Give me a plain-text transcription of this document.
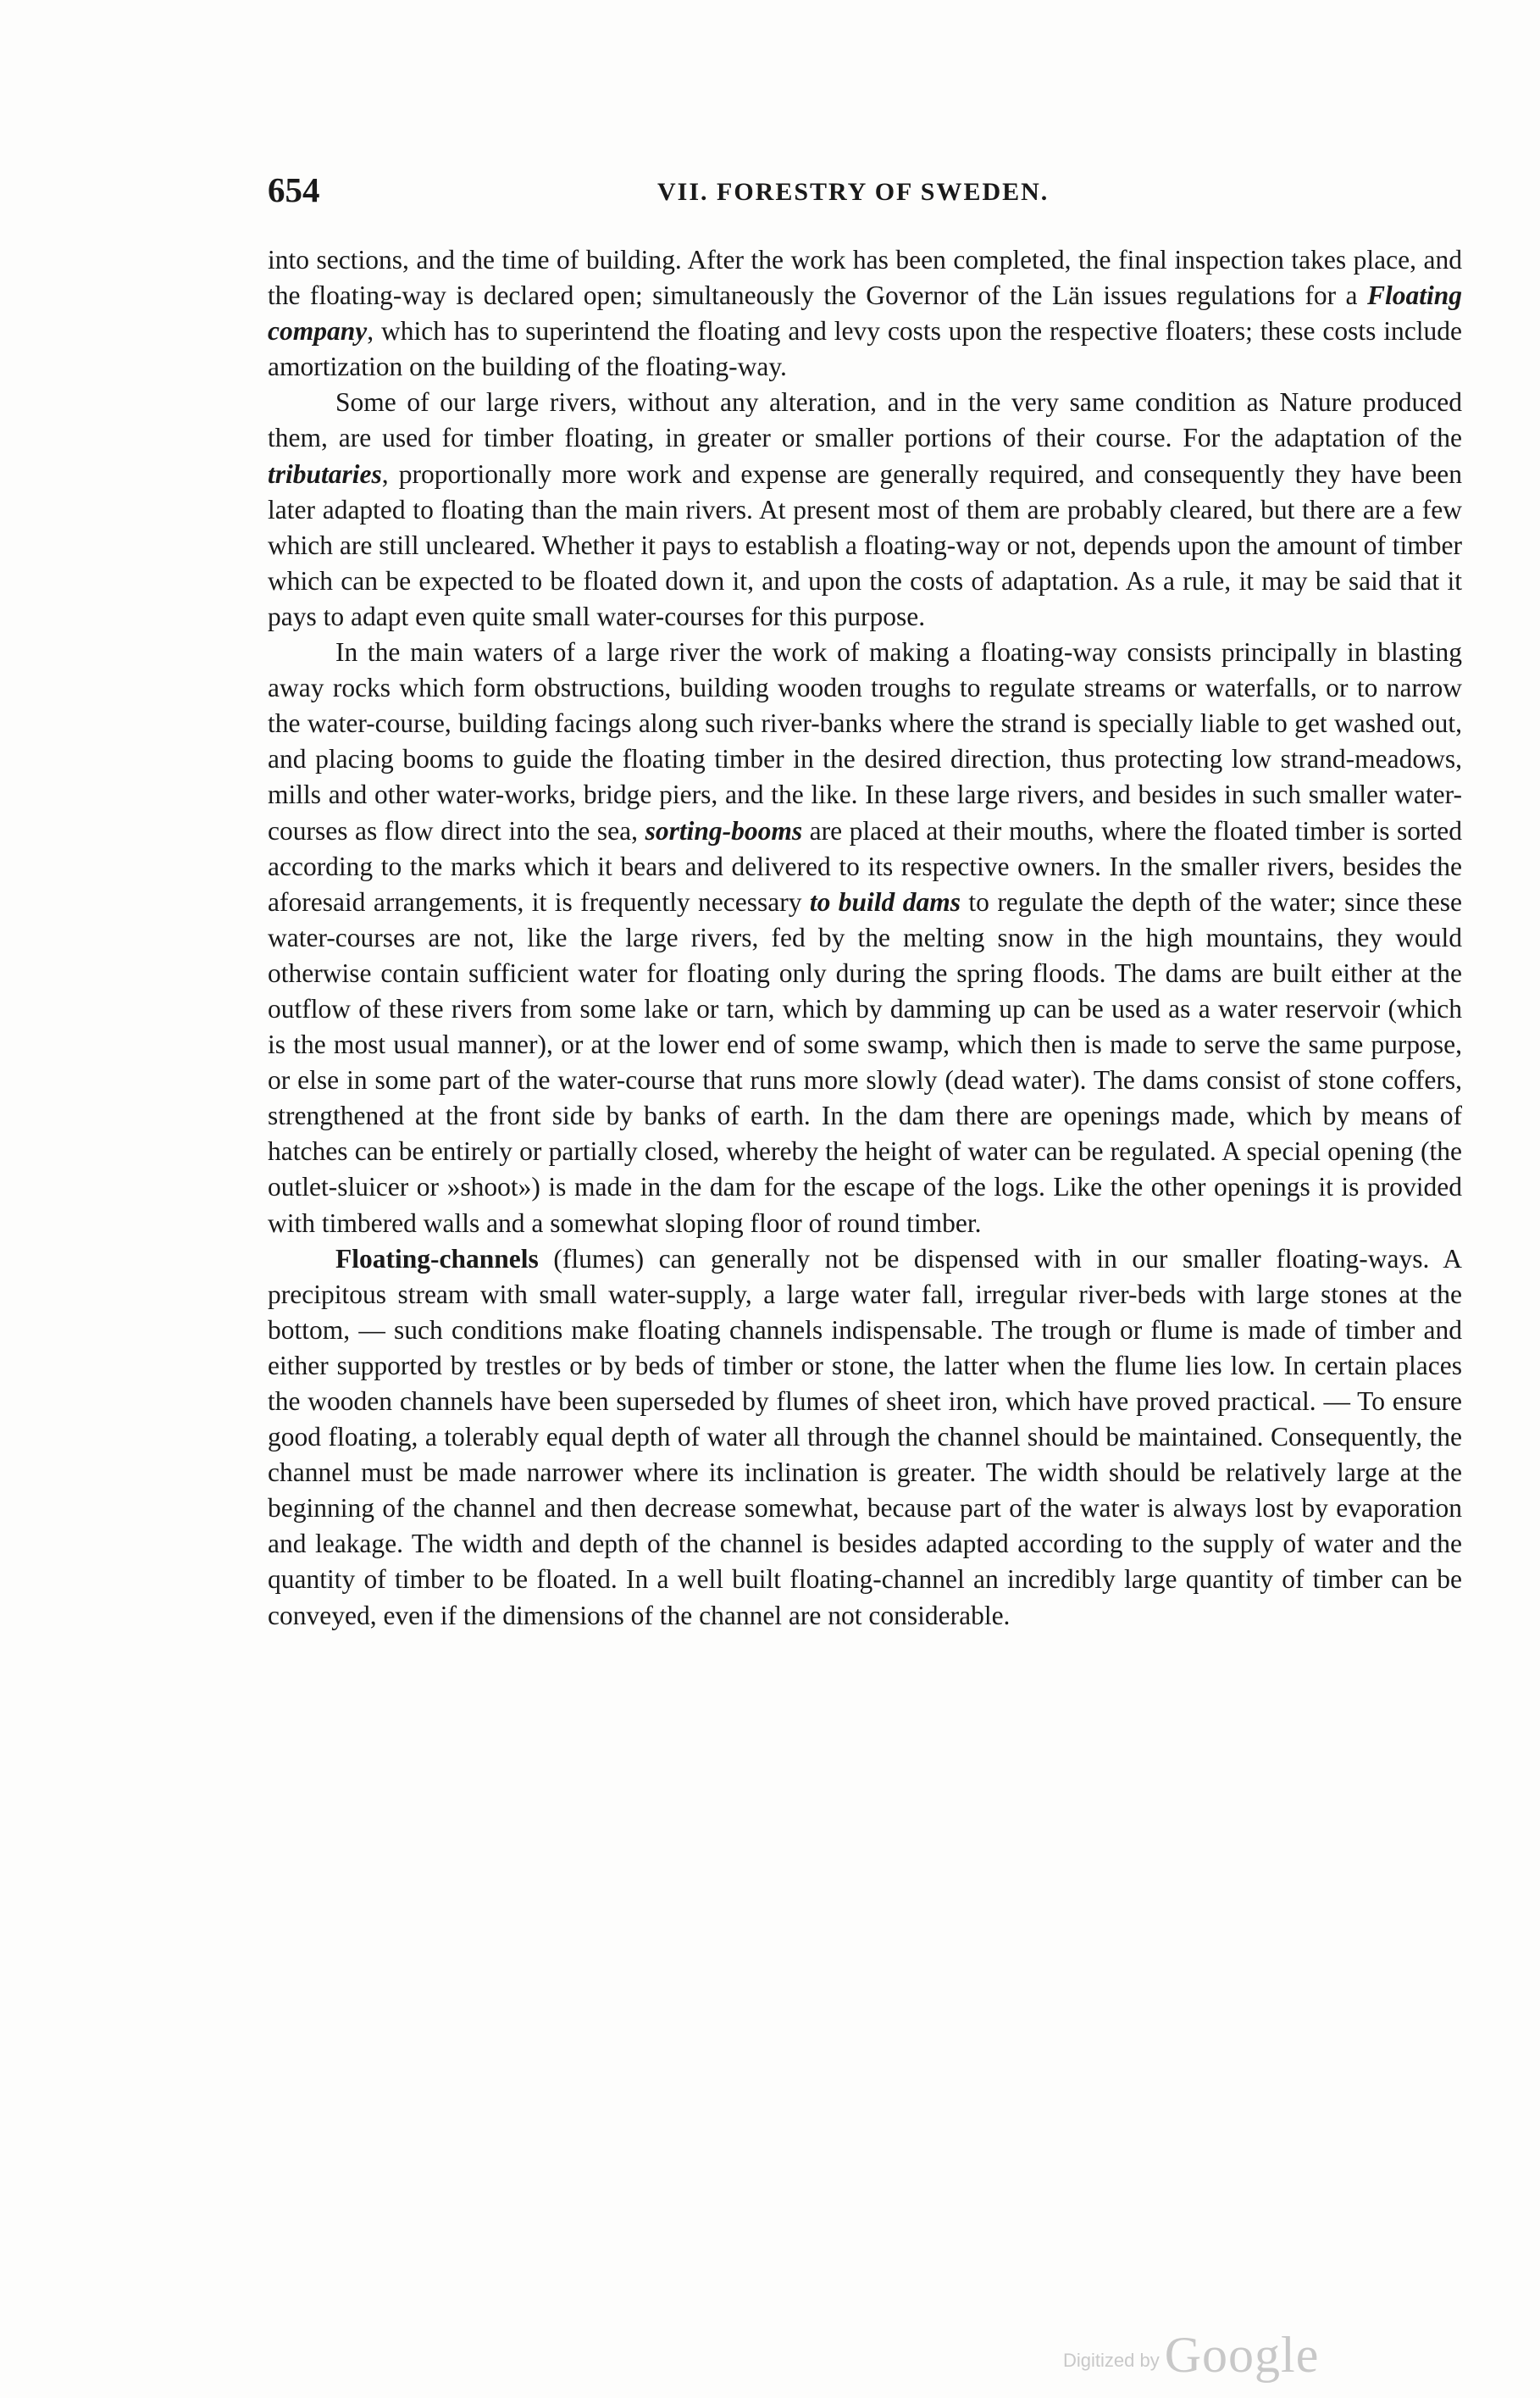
654	VII. FORESTRY OF SWEDEN.

into sections, and the time of building. After the work has been completed, the final inspection takes place, and the floating-way is declared open; simultaneously the Governor of the Län issues regulations for a Floating company, which has to superintend the floating and levy costs upon the respective floaters; these costs include amortization on the building of the floating-way.

Some of our large rivers, without any alteration, and in the very same condition as Nature produced them, are used for timber floating, in greater or smaller portions of their course. For the adaptation of the tributaries, proportionally more work and expense are generally required, and consequently they have been later adapted to floating than the main rivers. At present most of them are probably cleared, but there are a few which are still uncleared. Whether it pays to establish a floating-way or not, depends upon the amount of timber which can be expected to be floated down it, and upon the costs of adaptation. As a rule, it may be said that it pays to adapt even quite small water-courses for this purpose.

In the main waters of a large river the work of making a floating-way consists principally in blasting away rocks which form obstructions, building wooden troughs to regulate streams or waterfalls, or to narrow the water-course, building facings along such river-banks where the strand is specially liable to get washed out, and placing booms to guide the floating timber in the desired direction, thus protecting low strand-meadows, mills and other water-works, bridge piers, and the like. In these large rivers, and besides in such smaller water-courses as flow direct into the sea, sorting-booms are placed at their mouths, where the floated timber is sorted according to the marks which it bears and delivered to its respective owners. In the smaller rivers, besides the aforesaid arrangements, it is frequently necessary to build dams to regulate the depth of the water; since these water-courses are not, like the large rivers, fed by the melting snow in the high mountains, they would otherwise contain sufficient water for floating only during the spring floods. The dams are built either at the outflow of these rivers from some lake or tarn, which by damming up can be used as a water reservoir (which is the most usual manner), or at the lower end of some swamp, which then is made to serve the same purpose, or else in some part of the water-course that runs more slowly (dead water). The dams consist of stone coffers, strengthened at the front side by banks of earth. In the dam there are openings made, which by means of hatches can be entirely or partially closed, whereby the height of water can be regulated. A special opening (the outlet-sluicer or »shoot») is made in the dam for the escape of the logs. Like the other openings it is provided with timbered walls and a somewhat sloping floor of round timber.

Floating-channels (flumes) can generally not be dispensed with in our smaller floating-ways. A precipitous stream with small water-supply, a large water fall, irregular river-beds with large stones at the bottom, — such conditions make floating channels indispensable. The trough or flume is made of timber and either supported by trestles or by beds of timber or stone, the latter when the flume lies low. In certain places the wooden channels have been superseded by flumes of sheet iron, which have proved practical. — To ensure good floating, a tolerably equal depth of water all through the channel should be maintained. Consequently, the channel must be made narrower where its inclination is greater. The width should be relatively large at the beginning of the channel and then decrease somewhat, because part of the water is always lost by evaporation and leakage. The width and depth of the channel is besides adapted according to the supply of water and the quantity of timber to be floated. In a well built floating-channel an incredibly large quantity of timber can be conveyed, even if the dimensions of the channel are not considerable.

Digitized by Google
